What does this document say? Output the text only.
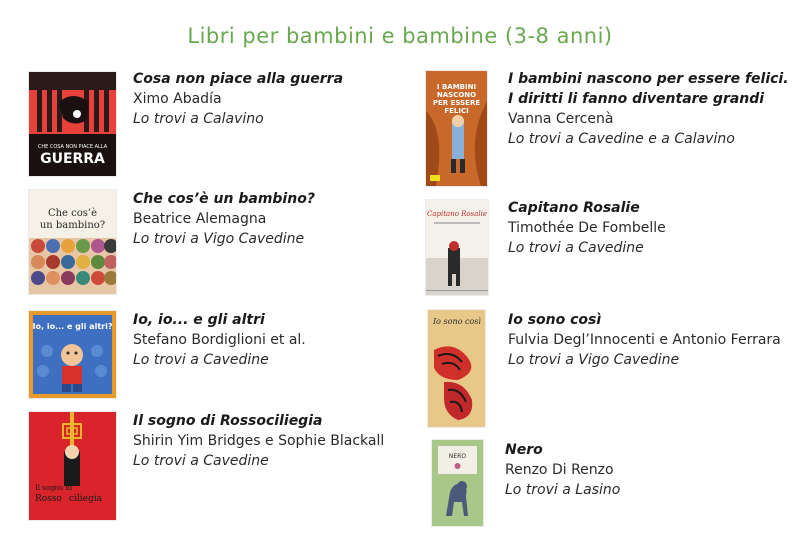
Libri per bambini e bambine (3-8 anni)
CHE COSA NON PIACE ALLA
GUERRA
Cosa non piace alla guerra
Ximo Abadía
Lo trovi a Calavino
Che cos’è
un bambino?
Che cos’è un bambino?
Beatrice Alemagna
Lo trovi a Vigo Cavedine
Io, io... e gli altri? Io, io... e gli altri
Stefano Bordiglioni et al.
Lo trovi a Cavedine
Il sogno di
Rosso ciliegia
Il sogno di Rossociliegia
Shirin Yim Bridges e Sophie Blackall
Lo trovi a Cavedine
I BAMBINI
NASCONO
PER ESSERE
FELICI
I bambini nascono per essere felici.
I diritti li fanno diventare grandi
Vanna Cercenà
Lo trovi a Cavedine e a Calavino
Capitano Rosalie Capitano Rosalie
Timothée De Fombelle
Lo trovi a Cavedine
Io sono così Io sono così
Fulvia Degl’Innocenti e Antonio Ferrara
Lo trovi a Vigo Cavedine
NERO	Nero
Renzo Di Renzo
Lo trovi a Lasino
